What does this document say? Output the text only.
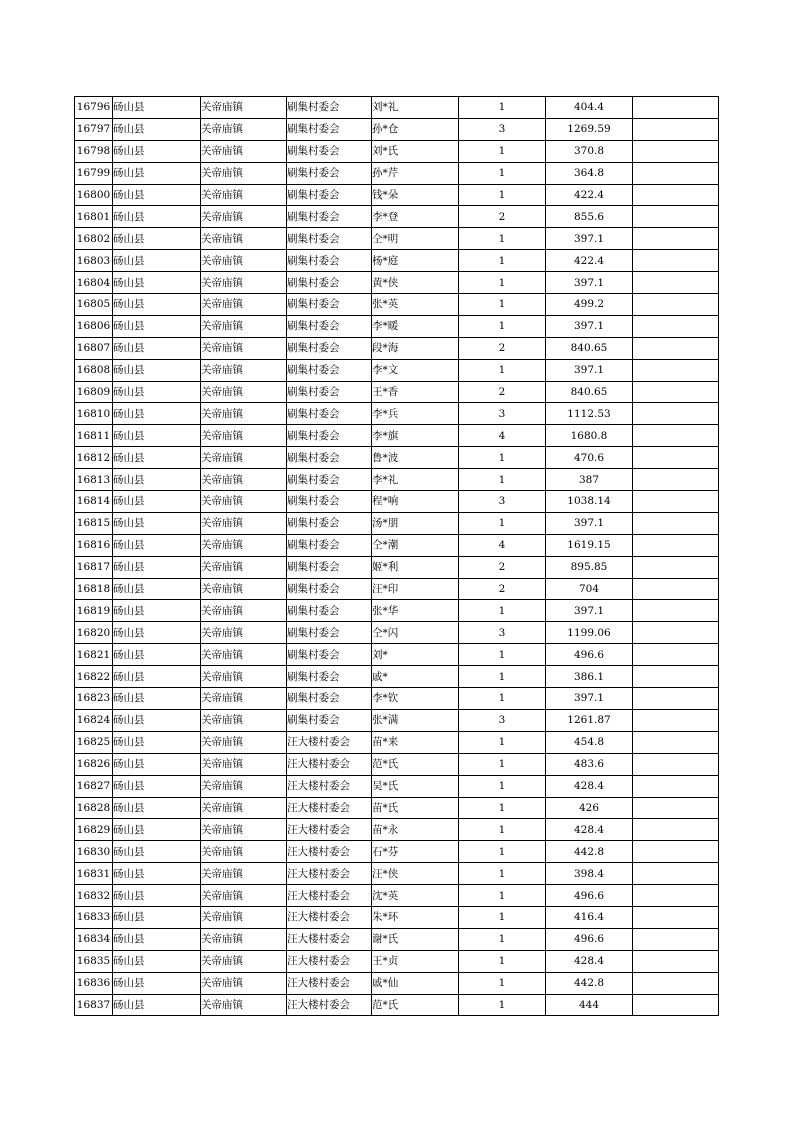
16796	砀山县	关帝庙镇	刷集村委会	刘*礼	1	404.4	
16797	砀山县	关帝庙镇	刷集村委会	孙*仓	3	1269.59	
16798	砀山县	关帝庙镇	刷集村委会	刘*氏	1	370.8	
16799	砀山县	关帝庙镇	刷集村委会	孙*芹	1	364.8	
16800	砀山县	关帝庙镇	刷集村委会	钱*朵	1	422.4	
16801	砀山县	关帝庙镇	刷集村委会	李*登	2	855.6	
16802	砀山县	关帝庙镇	刷集村委会	仝*明	1	397.1	
16803	砀山县	关帝庙镇	刷集村委会	杨*庭	1	422.4	
16804	砀山县	关帝庙镇	刷集村委会	黄*侠	1	397.1	
16805	砀山县	关帝庙镇	刷集村委会	张*英	1	499.2	
16806	砀山县	关帝庙镇	刷集村委会	李*暖	1	397.1	
16807	砀山县	关帝庙镇	刷集村委会	段*海	2	840.65	
16808	砀山县	关帝庙镇	刷集村委会	李*文	1	397.1	
16809	砀山县	关帝庙镇	刷集村委会	王*香	2	840.65	
16810	砀山县	关帝庙镇	刷集村委会	李*兵	3	1112.53	
16811	砀山县	关帝庙镇	刷集村委会	李*旗	4	1680.8	
16812	砀山县	关帝庙镇	刷集村委会	鲁*波	1	470.6	
16813	砀山县	关帝庙镇	刷集村委会	李*礼	1	387	
16814	砀山县	关帝庙镇	刷集村委会	程*响	3	1038.14	
16815	砀山县	关帝庙镇	刷集村委会	汤*朋	1	397.1	
16816	砀山县	关帝庙镇	刷集村委会	仝*潮	4	1619.15	
16817	砀山县	关帝庙镇	刷集村委会	姬*利	2	895.85	
16818	砀山县	关帝庙镇	刷集村委会	汪*印	2	704	
16819	砀山县	关帝庙镇	刷集村委会	张*华	1	397.1	
16820	砀山县	关帝庙镇	刷集村委会	仝*闪	3	1199.06	
16821	砀山县	关帝庙镇	刷集村委会	刘*	1	496.6	
16822	砀山县	关帝庙镇	刷集村委会	戚*	1	386.1	
16823	砀山县	关帝庙镇	刷集村委会	李*钦	1	397.1	
16824	砀山县	关帝庙镇	刷集村委会	张*满	3	1261.87	
16825	砀山县	关帝庙镇	汪大楼村委会	苗*来	1	454.8	
16826	砀山县	关帝庙镇	汪大楼村委会	范*氏	1	483.6	
16827	砀山县	关帝庙镇	汪大楼村委会	吴*氏	1	428.4	
16828	砀山县	关帝庙镇	汪大楼村委会	苗*氏	1	426	
16829	砀山县	关帝庙镇	汪大楼村委会	苗*永	1	428.4	
16830	砀山县	关帝庙镇	汪大楼村委会	石*芬	1	442.8	
16831	砀山县	关帝庙镇	汪大楼村委会	汪*侠	1	398.4	
16832	砀山县	关帝庙镇	汪大楼村委会	沈*英	1	496.6	
16833	砀山县	关帝庙镇	汪大楼村委会	朱*环	1	416.4	
16834	砀山县	关帝庙镇	汪大楼村委会	谢*氏	1	496.6	
16835	砀山县	关帝庙镇	汪大楼村委会	王*贞	1	428.4	
16836	砀山县	关帝庙镇	汪大楼村委会	戚*仙	1	442.8	
16837	砀山县	关帝庙镇	汪大楼村委会	范*氏	1	444	
